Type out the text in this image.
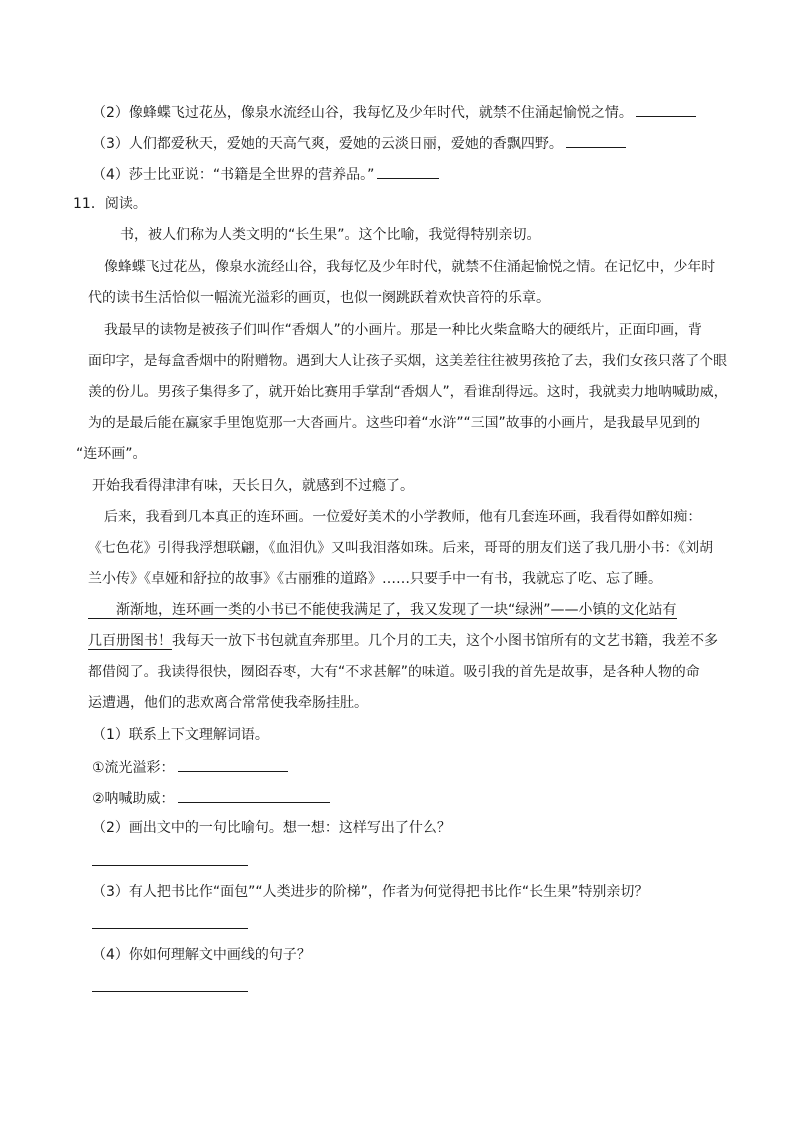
（2）像蜂蝶飞过花丛，像泉水流经山谷，我每忆及少年时代，就禁不住涌起愉悦之情。
（3）人们都爱秋天，爱她的天高气爽，爱她的云淡日丽，爱她的香飘四野。
（4）莎士比亚说：“书籍是全世界的营养品。”
11．阅读。
书，被人们称为人类文明的“长生果”。这个比喻，我觉得特别亲切。
像蜂蝶飞过花丛，像泉水流经山谷，我每忆及少年时代，就禁不住涌起愉悦之情。在记忆中，少年时
代的读书生活恰似一幅流光溢彩的画页，也似一阕跳跃着欢快音符的乐章。
我最早的读物是被孩子们叫作“香烟人”的小画片。那是一种比火柴盒略大的硬纸片，正面印画，背
面印字，是每盒香烟中的附赠物。遇到大人让孩子买烟，这美差往往被男孩抢了去，我们女孩只落了个眼
羡的份儿。男孩子集得多了，就开始比赛用手掌刮“香烟人”，看谁刮得远。这时，我就卖力地呐喊助威，
为的是最后能在赢家手里饱览那一大沓画片。这些印着“水浒”“三国”故事的小画片，是我最早见到的
“连环画”。
开始我看得津津有味，天长日久，就感到不过瘾了。
后来，我看到几本真正的连环画。一位爱好美术的小学教师，他有几套连环画，我看得如醉如痴：
《七色花》引得我浮想联翩，《血泪仇》又叫我泪落如珠。后来，哥哥的朋友们送了我几册小书：《刘胡
兰小传》《卓娅和舒拉的故事》《古丽雅的道路》……只要手中一有书，我就忘了吃、忘了睡。
渐渐地，连环画一类的小书已不能使我满足了，我又发现了一块“绿洲”——小镇的文化站有
几百册图书！我每天一放下书包就直奔那里。几个月的工夫，这个小图书馆所有的文艺书籍，我差不多
都借阅了。我读得很快，囫囵吞枣，大有“不求甚解”的味道。吸引我的首先是故事，是各种人物的命
运遭遇，他们的悲欢离合常常使我牵肠挂肚。
（1）联系上下文理解词语。
①流光溢彩：
②呐喊助威：
（2）画出文中的一句比喻句。想一想：这样写出了什么？
（3）有人把书比作“面包”“人类进步的阶梯”，作者为何觉得把书比作“长生果”特别亲切？
（4）你如何理解文中画线的句子？
